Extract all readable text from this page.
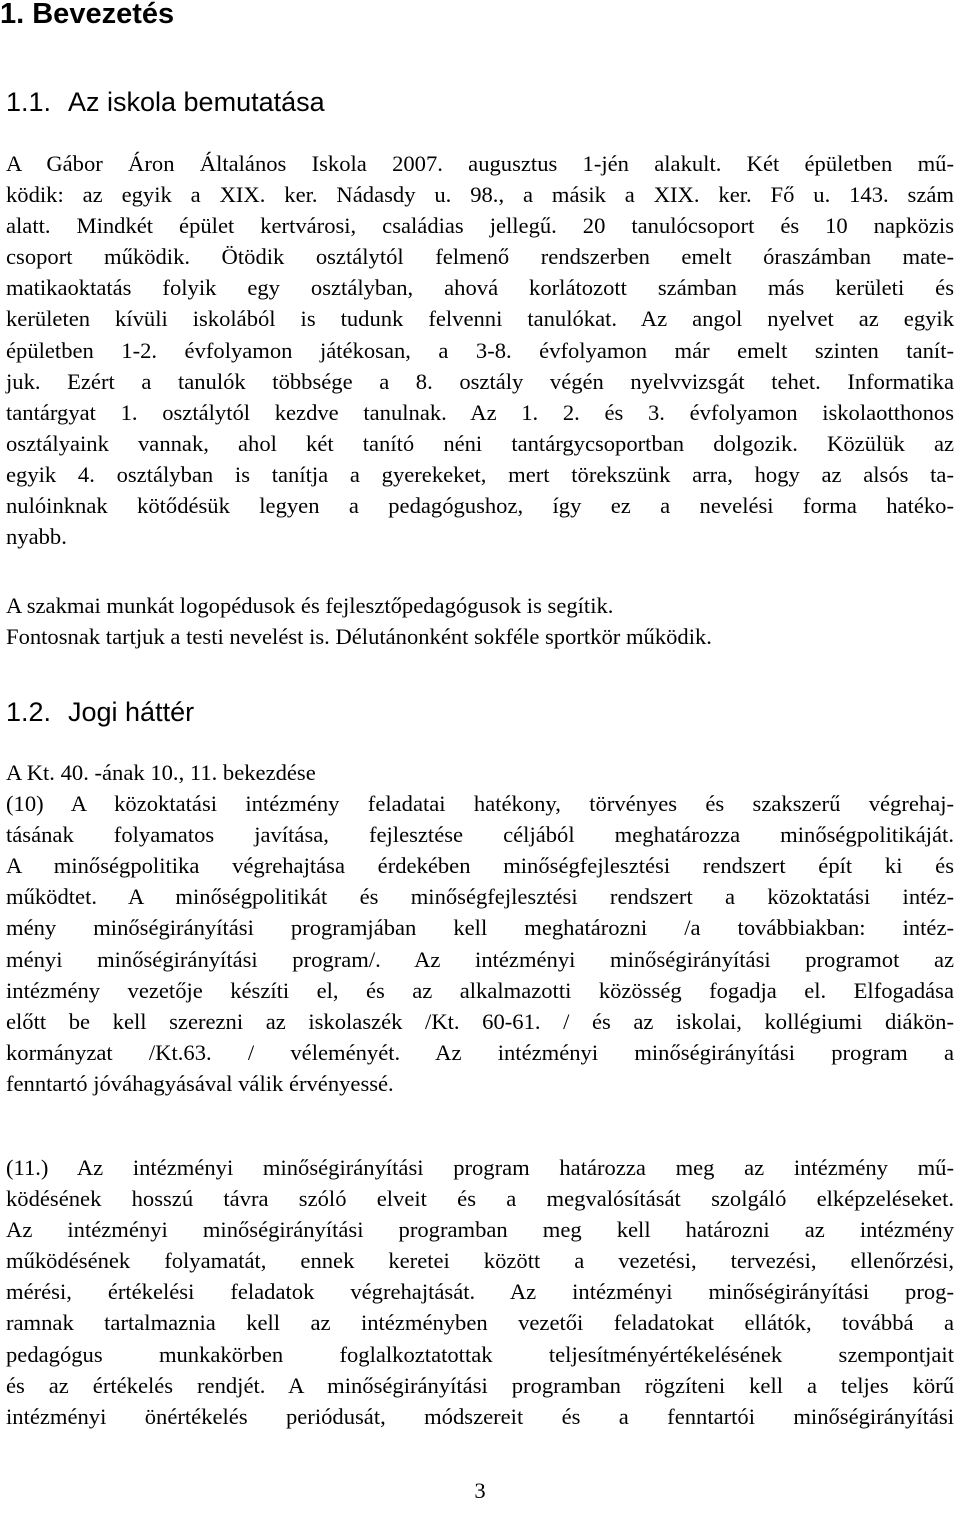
1. Bevezetés
1.1. Az iskola bemutatása
A Gábor Áron Általános Iskola 2007. augusztus 1-jén alakult. Két épületben mű-
ködik: az egyik a XIX. ker. Nádasdy u. 98., a másik a XIX. ker. Fő u. 143. szám
alatt. Mindkét épület kertvárosi, családias jellegű. 20 tanulócsoport és 10 napközis
csoport működik. Ötödik osztálytól felmenő rendszerben emelt óraszámban mate-
matikaoktatás folyik egy osztályban, ahová korlátozott számban más kerületi és
kerületen kívüli iskolából is tudunk felvenni tanulókat. Az angol nyelvet az egyik
épületben 1-2. évfolyamon játékosan, a 3-8. évfolyamon már emelt szinten tanít-
juk. Ezért a tanulók többsége a 8. osztály végén nyelvvizsgát tehet. Informatika
tantárgyat 1. osztálytól kezdve tanulnak. Az 1. 2. és 3. évfolyamon iskolaotthonos
osztályaink vannak, ahol két tanító néni tantárgycsoportban dolgozik. Közülük az
egyik 4. osztályban is tanítja a gyerekeket, mert törekszünk arra, hogy az alsós ta-
nulóinknak kötődésük legyen a pedagógushoz, így ez a nevelési forma hatéko-
nyabb.
A szakmai munkát logopédusok és fejlesztőpedagógusok is segítik.
Fontosnak tartjuk a testi nevelést is. Délutánonként sokféle sportkör működik.
1.2. Jogi háttér
A Kt. 40. -ának 10., 11. bekezdése
(10) A közoktatási intézmény feladatai hatékony, törvényes és szakszerű végrehaj-
tásának folyamatos javítása, fejlesztése céljából meghatározza minőségpolitikáját.
A minőségpolitika végrehajtása érdekében minőségfejlesztési rendszert épít ki és
működtet. A minőségpolitikát és minőségfejlesztési rendszert a közoktatási intéz-
mény minőségirányítási programjában kell meghatározni /a továbbiakban: intéz-
ményi minőségirányítási program/. Az intézményi minőségirányítási programot az
intézmény vezetője készíti el, és az alkalmazotti közösség fogadja el. Elfogadása
előtt be kell szerezni az iskolaszék /Kt. 60-61. / és az iskolai, kollégiumi diákön-
kormányzat /Kt.63. / véleményét. Az intézményi minőségirányítási program a
fenntartó jóváhagyásával válik érvényessé.
(11.) Az intézményi minőségirányítási program határozza meg az intézmény mű-
ködésének hosszú távra szóló elveit és a megvalósítását szolgáló elképzeléseket.
Az intézményi minőségirányítási programban meg kell határozni az intézmény
működésének folyamatát, ennek keretei között a vezetési, tervezési, ellenőrzési,
mérési, értékelési feladatok végrehajtását. Az intézményi minőségirányítási prog-
ramnak tartalmaznia kell az intézményben vezetői feladatokat ellátók, továbbá a
pedagógus munkakörben foglalkoztatottak teljesítményértékelésének szempontjait
és az értékelés rendjét. A minőségirányítási programban rögzíteni kell a teljes körű
intézményi önértékelés periódusát, módszereit és a fenntartói minőségirányítási
3
